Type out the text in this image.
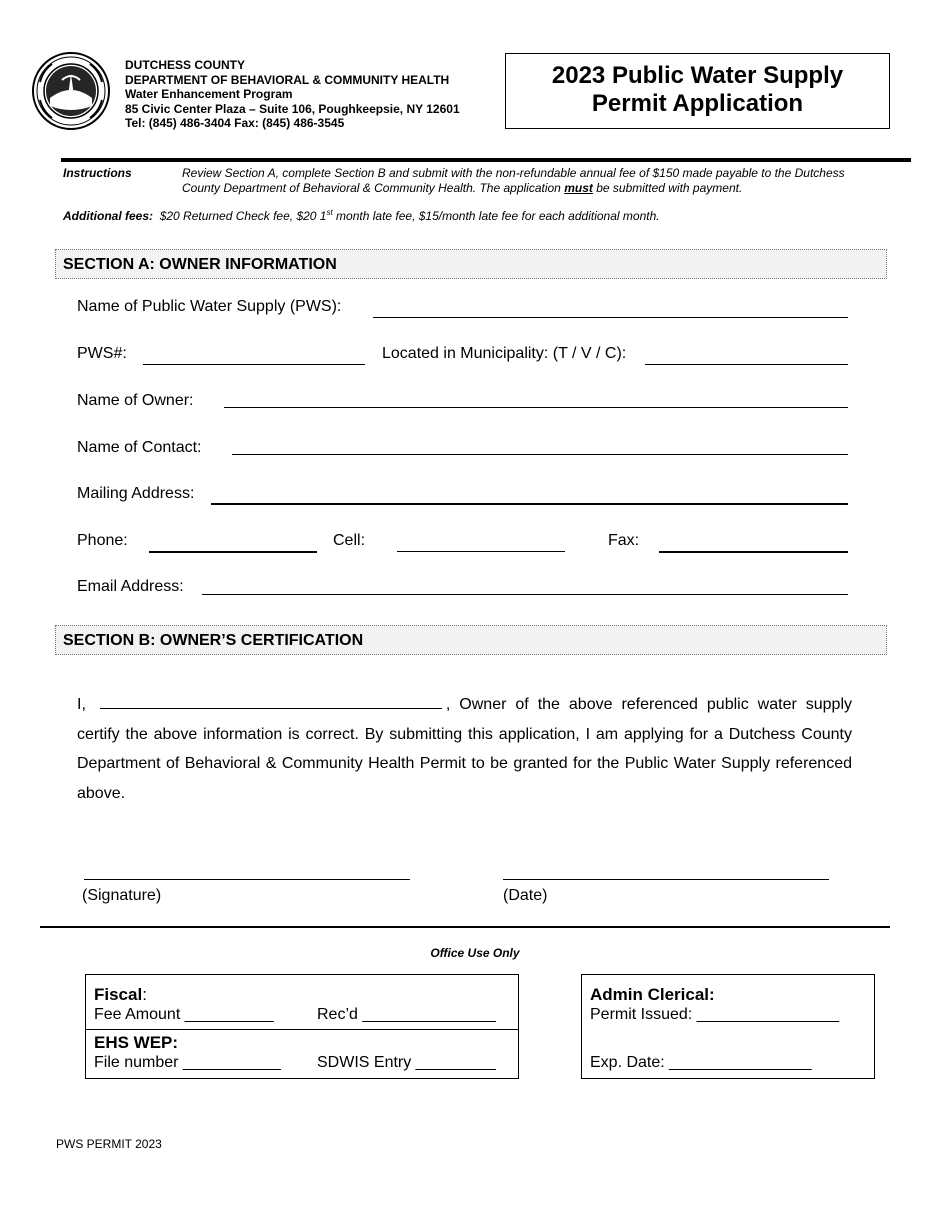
DUTCHESS COUNTY
DEPARTMENT OF BEHAVIORAL & COMMUNITY HEALTH
Water Enhancement Program
85 Civic Center Plaza – Suite 106, Poughkeepsie, NY 12601
Tel: (845) 486-3404 Fax: (845) 486-3545
2023 Public Water Supply
Permit Application
Instructions	Review Section A, complete Section B and submit with the non-refundable annual fee of $150 made payable to the Dutchess County Department of Behavioral & Community Health. The application must be submitted with payment.
Additional fees: $20 Returned Check fee, $20 1st month late fee, $15/month late fee for each additional month.
SECTION A: OWNER INFORMATION
Name of Public Water Supply (PWS):
PWS#:	Located in Municipality: (T / V / C):
Name of Owner:
Name of Contact:
Mailing Address:
Phone:	Cell:	Fax:
Email Address:
SECTION B: OWNER’S CERTIFICATION
I,	, Owner of the above referenced public water supply certify the above information is correct. By submitting this application, I am applying for a Dutchess County Department of Behavioral & Community Health Permit to be granted for the Public Water Supply referenced above.
(Signature)	(Date)
Office Use Only
Fiscal:
Fee Amount __________	Rec’d _______________
EHS WEP:
File number ___________ SDWIS Entry _________
Admin Clerical:
Permit Issued: ________________
Exp. Date: ________________
PWS PERMIT 2023
